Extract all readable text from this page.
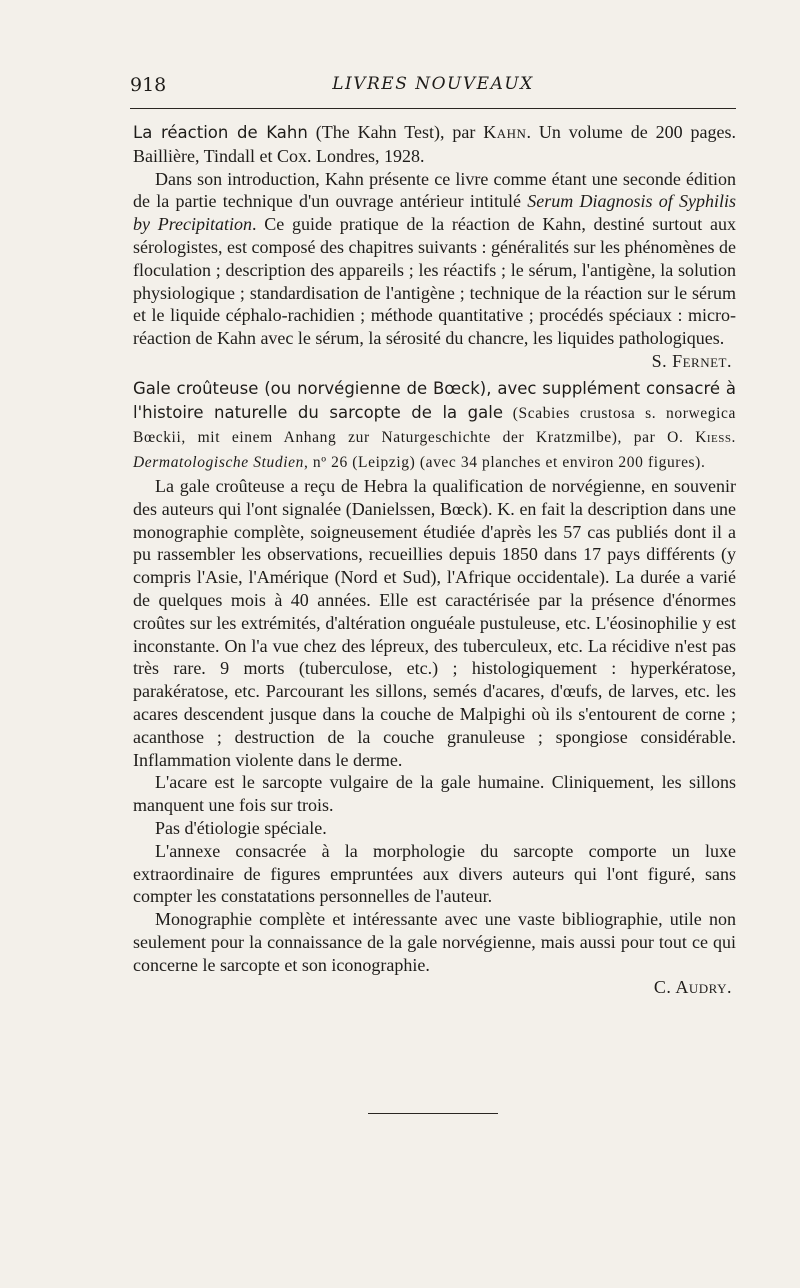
918	LIVRES NOUVEAUX
La réaction de Kahn (The Kahn Test), par Kahn. Un volume de 200 pages. Baillière, Tindall et Cox. Londres, 1928.

Dans son introduction, Kahn présente ce livre comme étant une seconde édition de la partie technique d'un ouvrage antérieur intitulé Serum Diagnosis of Syphilis by Precipitation. Ce guide pratique de la réaction de Kahn, destiné surtout aux sérologistes, est composé des chapitres suivants : généralités sur les phénomènes de floculation ; description des appareils ; les réactifs ; le sérum, l'antigène, la solution physiologique ; standardisation de l'antigène ; technique de la réaction sur le sérum et le liquide céphalo-rachidien ; méthode quantitative ; procédés spéciaux : micro-réaction de Kahn avec le sérum, la sérosité du chancre, les liquides pathologiques.

S. Fernet.
Gale croûteuse (ou norvégienne de Bœck), avec supplément consacré à l'histoire naturelle du sarcopte de la gale (Scabies crustosa s. norwegica Bœckii, mit einem Anhang zur Naturgeschichte der Kratzmilbe), par O. Kiess. Dermatologische Studien, nº 26 (Leipzig) (avec 34 planches et environ 200 figures).

La gale croûteuse a reçu de Hebra la qualification de norvégienne, en souvenir des auteurs qui l'ont signalée (Danielssen, Bœck). K. en fait la description dans une monographie complète, soigneusement étudiée d'après les 57 cas publiés dont il a pu rassembler les observations, recueillies depuis 1850 dans 17 pays différents (y compris l'Asie, l'Amérique (Nord et Sud), l'Afrique occidentale). La durée a varié de quelques mois à 40 années. Elle est caractérisée par la présence d'énormes croûtes sur les extrémités, d'altération onguéale pustuleuse, etc. L'éosinophilie y est inconstante. On l'a vue chez des lépreux, des tuberculeux, etc. La récidive n'est pas très rare. 9 morts (tuberculose, etc.) ; histologiquement : hyperkératose, parakératose, etc. Parcourant les sillons, semés d'acares, d'œufs, de larves, etc. les acares descendent jusque dans la couche de Malpighi où ils s'entourent de corne ; acanthose ; destruction de la couche granuleuse ; spongiose considérable. Inflammation violente dans le derme.

L'acare est le sarcopte vulgaire de la gale humaine. Cliniquement, les sillons manquent une fois sur trois.

Pas d'étiologie spéciale.

L'annexe consacrée à la morphologie du sarcopte comporte un luxe extraordinaire de figures empruntées aux divers auteurs qui l'ont figuré, sans compter les constatations personnelles de l'auteur.

Monographie complète et intéressante avec une vaste bibliographie, utile non seulement pour la connaissance de la gale norvégienne, mais aussi pour tout ce qui concerne le sarcopte et son iconographie.

C. Audry.
